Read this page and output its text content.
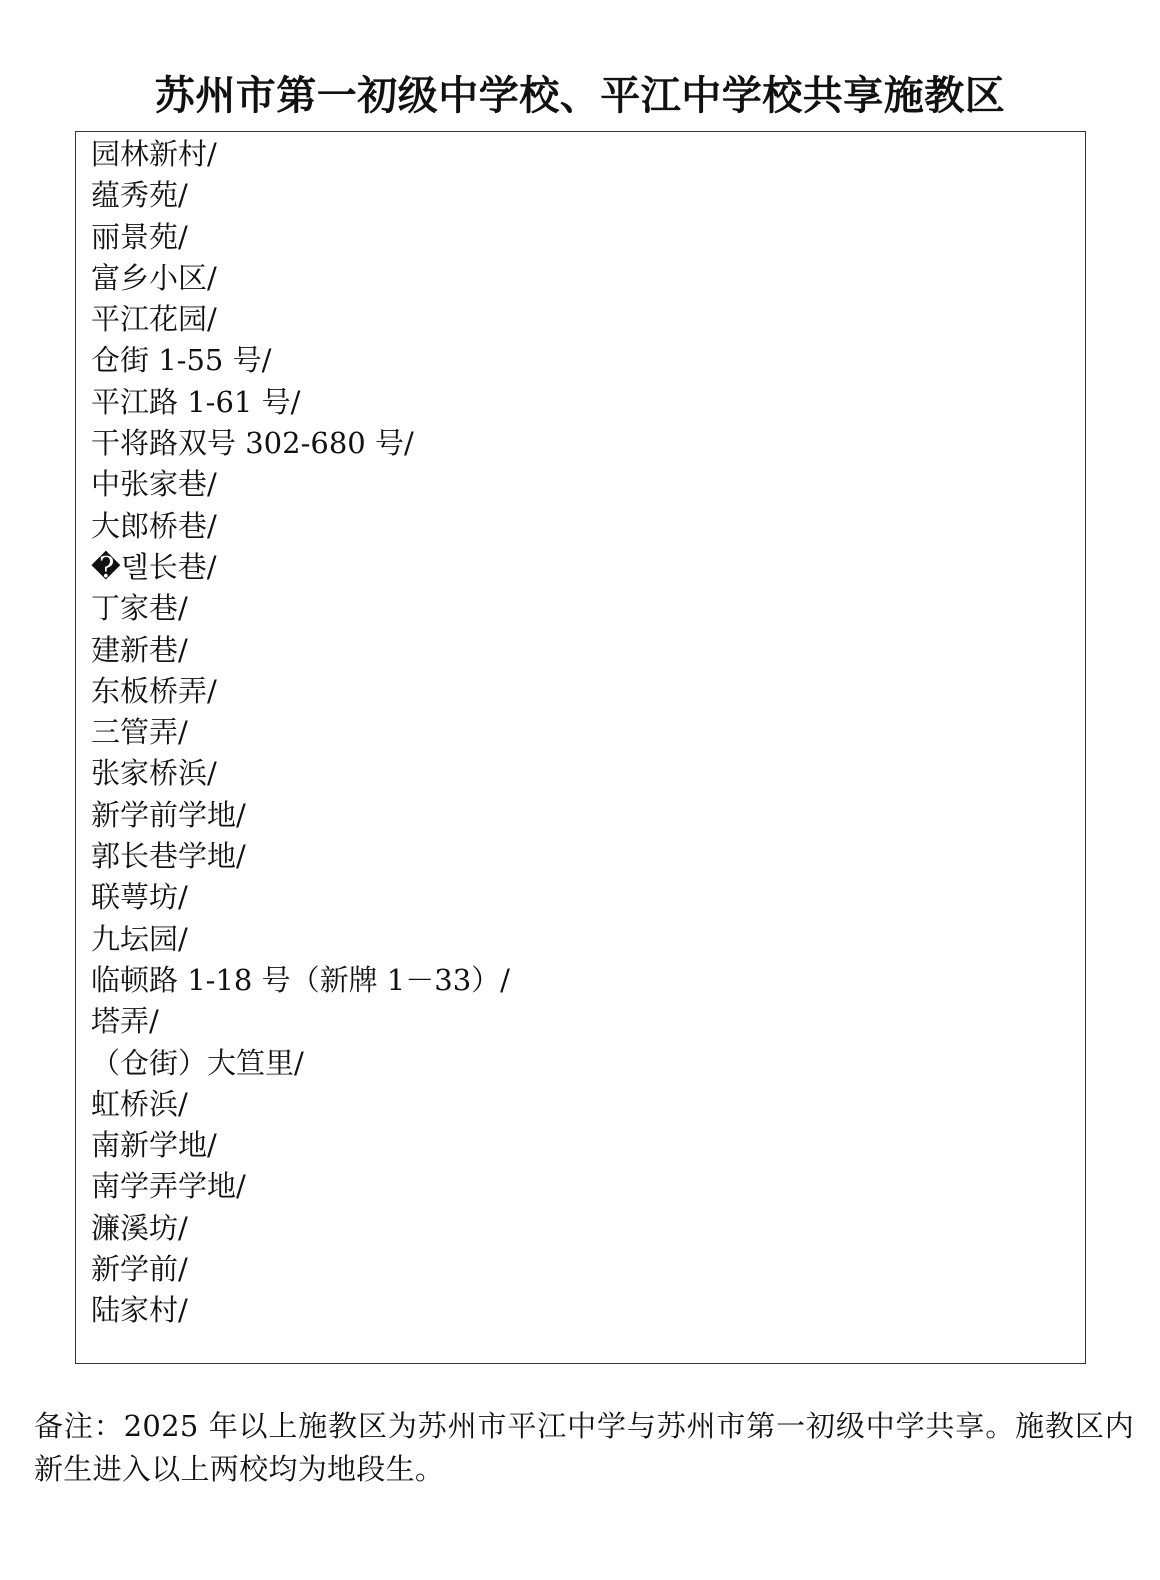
苏州市第一初级中学校、平江中学校共享施教区
园林新村/
蕴秀苑/
丽景苑/
富乡小区/
平江花园/
仓街 1-55 号/
平江路 1-61 号/
干将路双号 302-680 号/
中张家巷/
大郎桥巷/
�델长巷/
丁家巷/
建新巷/
东板桥弄/
三管弄/
张家桥浜/
新学前学地/
郭长巷学地/
联萼坊/
九坛园/
临顿路 1-18 号（新牌 1－33）/
塔弄/
（仓街）大笪里/
虹桥浜/
南新学地/
南学弄学地/
濂溪坊/
新学前/
陆家村/
备注：2025 年以上施教区为苏州市平江中学与苏州市第一初级中学共享。施教区内新生进入以上两校均为地段生。
